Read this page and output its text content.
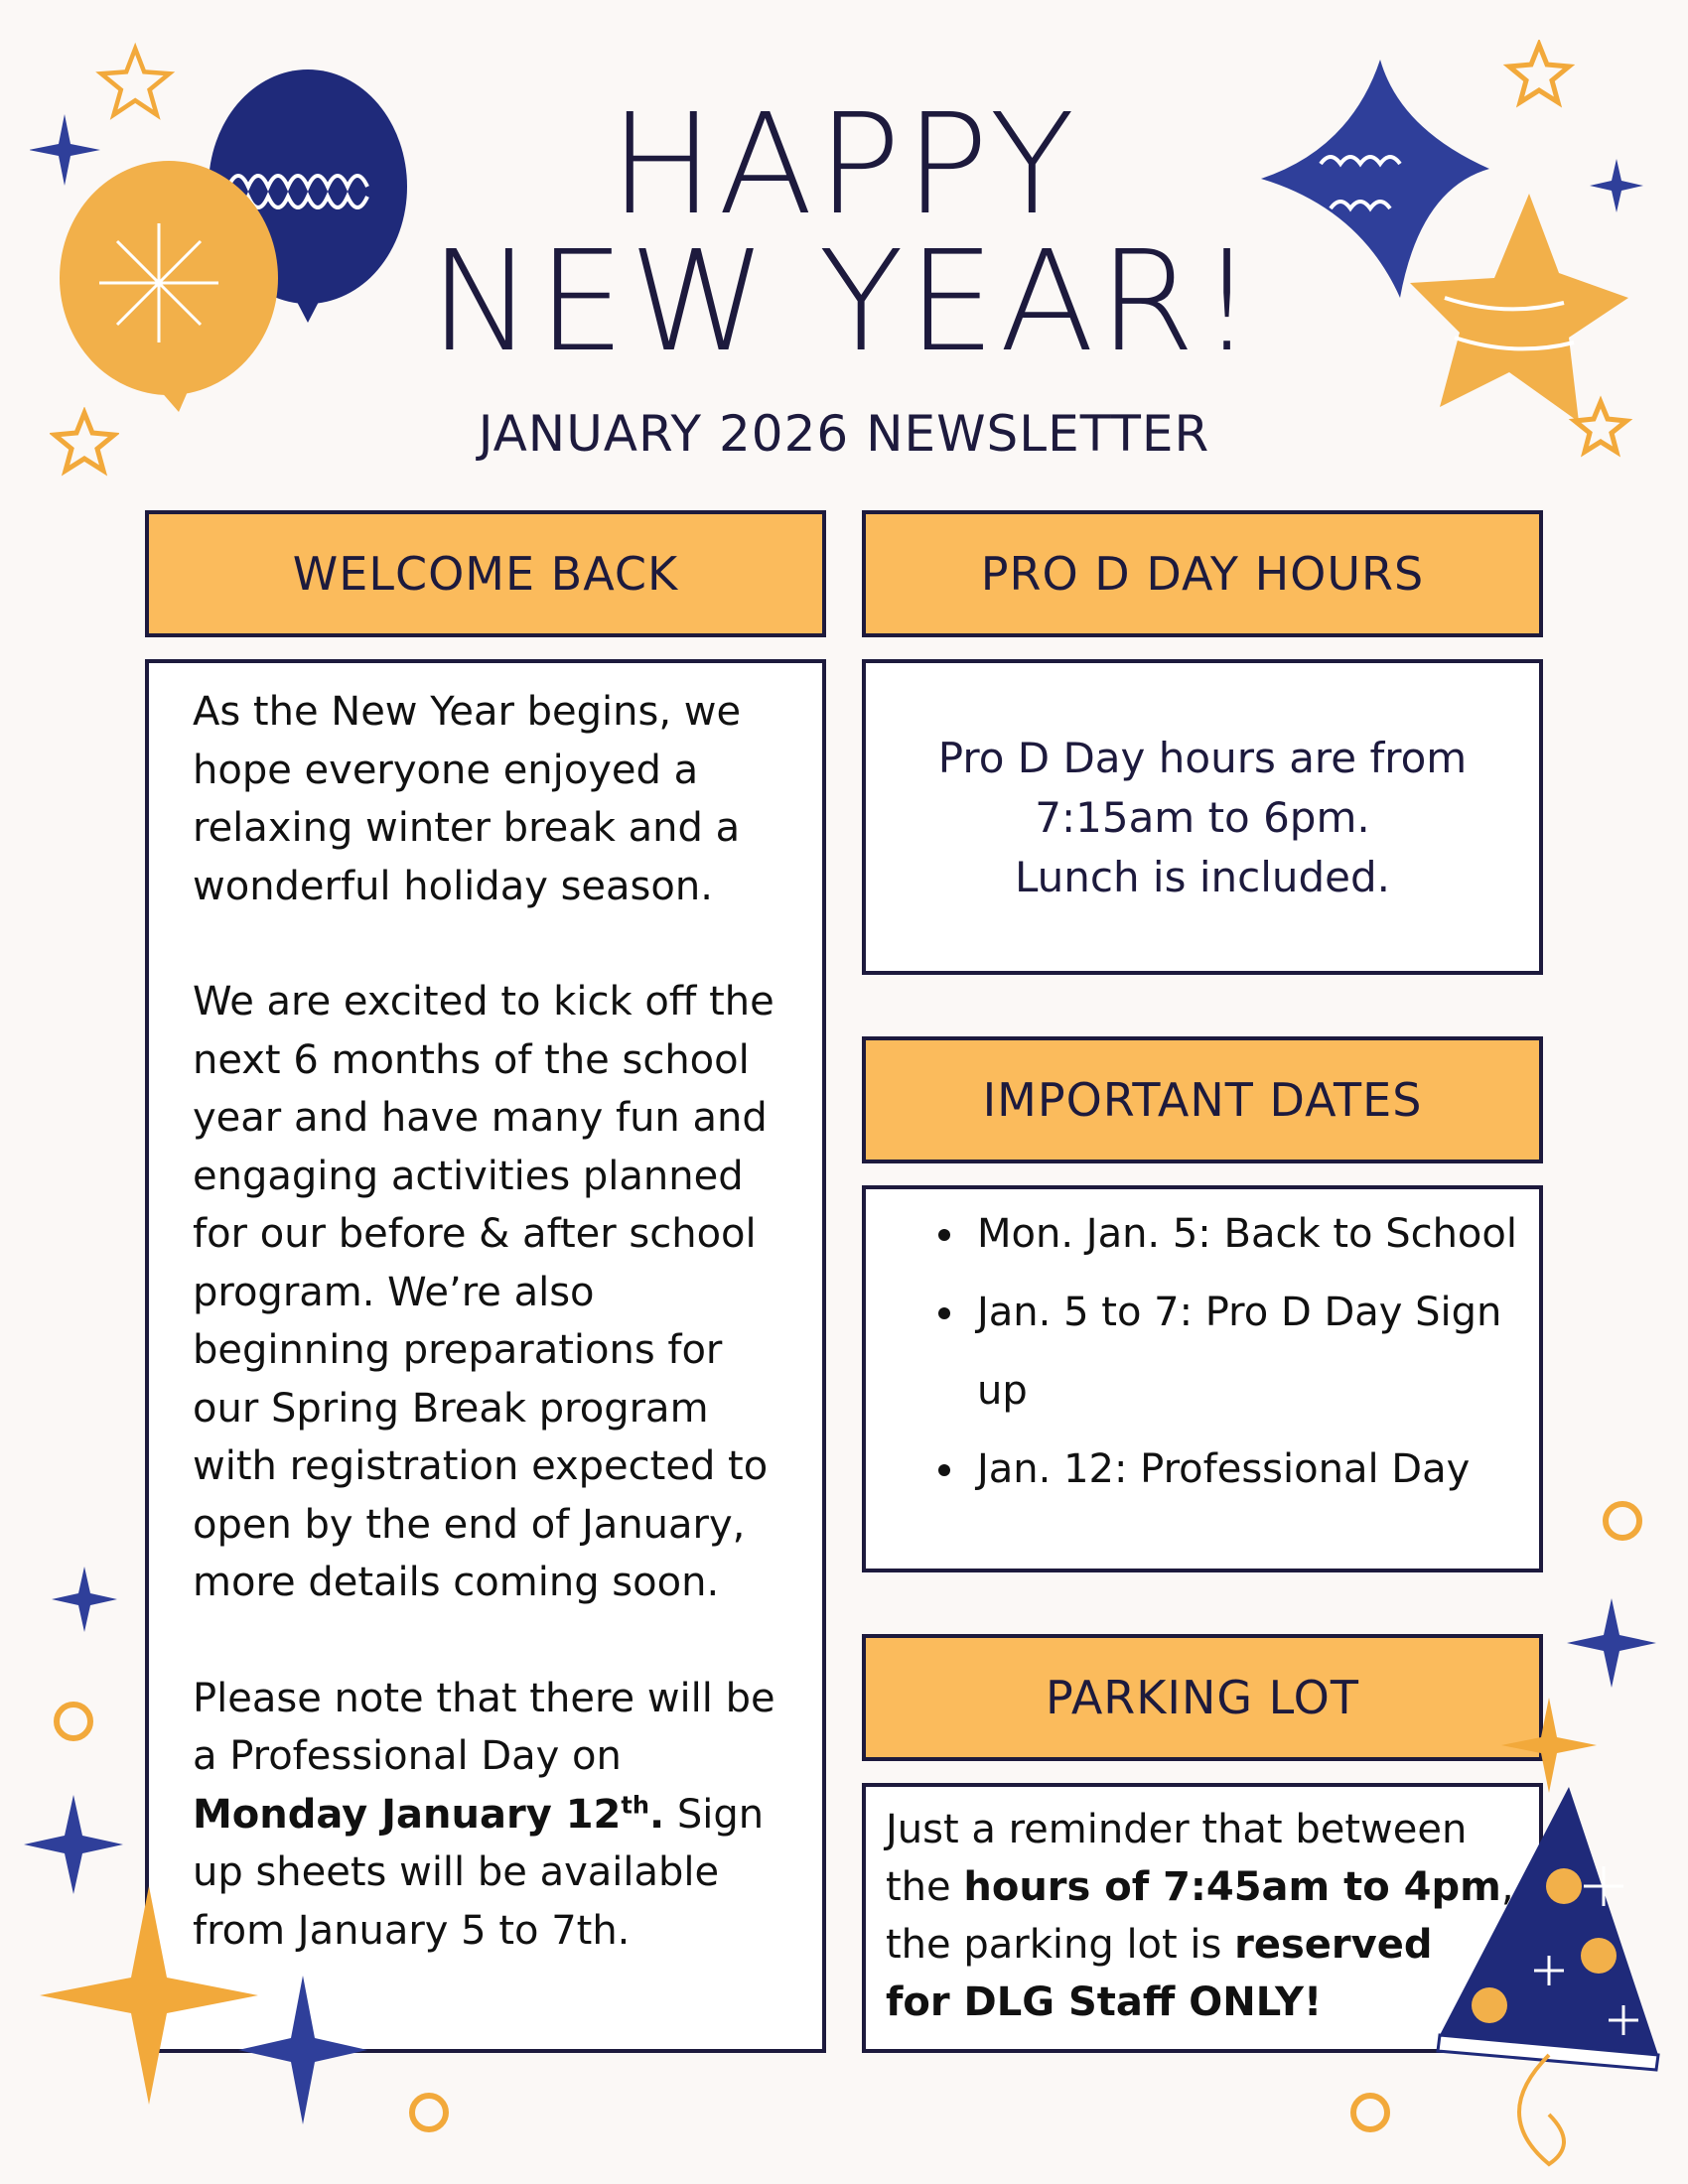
HAPPY
NEW YEAR!
JANUARY 2026 NEWSLETTER
WELCOME BACK

As the New Year begins, we hope everyone enjoyed a relaxing winter break and a wonderful holiday season.

We are excited to kick off the next 6 months of the school year and have many fun and engaging activities planned for our before & after school program. We’re also beginning preparations for our Spring Break program with registration expected to open by the end of January, more details coming soon.

Please note that there will be a Professional Day on Monday January 12th. Sign up sheets will be available from January 5 to 7th.

PRO D DAY HOURS
Pro D Day hours are from
7:15am to 6pm.
Lunch is included.
IMPORTANT DATES
• Mon. Jan. 5: Back to School
• Jan. 5 to 7: Pro D Day Sign up
• Jan. 12: Professional Day
PARKING LOT
Just a reminder that between the hours of 7:45am to 4pm, the parking lot is reserved
for DLG Staff ONLY!
